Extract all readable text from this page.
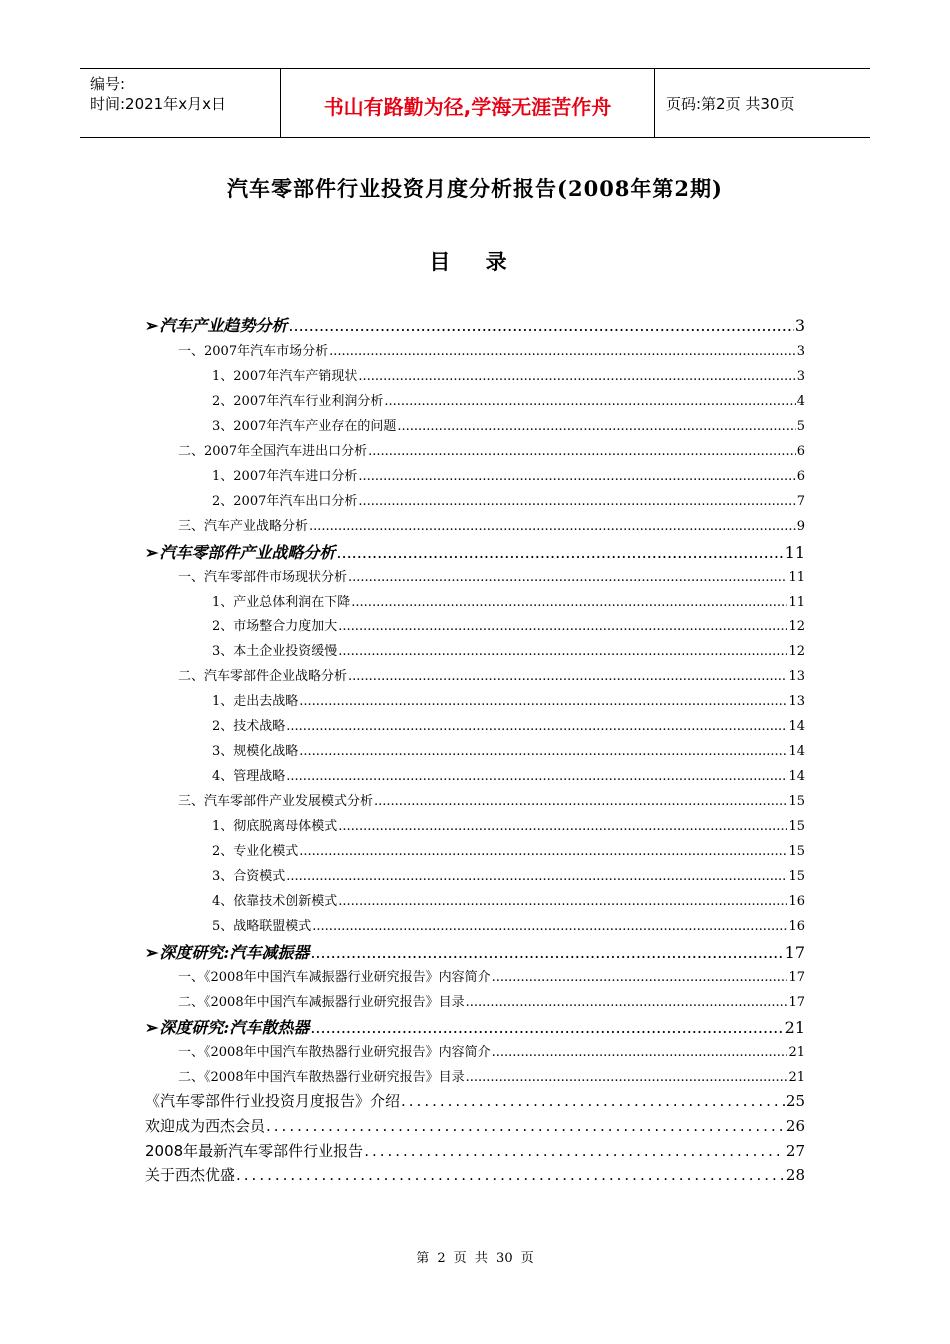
编号:
时间:2021年x月x日	书山有路勤为径,学海无涯苦作舟	页码:第2页 共30页
汽车零部件行业投资月度分析报告(2008年第2期)
目 录
➢汽车产业趋势分析 .....	3
一、2007年汽车市场分析 .....	3
1、2007年汽车产销现状 .....	3
2、2007年汽车行业利润分析 .....	4
3、2007年汽车产业存在的问题 .....	5
二、2007年全国汽车进出口分析 .....	6
1、2007年汽车进口分析 .....	6
2、2007年汽车出口分析 .....	7
三、汽车产业战略分析 .....	9
➢汽车零部件产业战略分析 .....	11
一、汽车零部件市场现状分析 .....	11
1、产业总体利润在下降 .....	11
2、市场整合力度加大 .....	12
3、本土企业投资缓慢 .....	12
二、汽车零部件企业战略分析 .....	13
1、走出去战略 .....	13
2、技术战略 .....	14
3、规模化战略 .....	14
4、管理战略 .....	14
三、汽车零部件产业发展模式分析 .....	15
1、彻底脱离母体模式 .....	15
2、专业化模式 .....	15
3、合资模式 .....	15
4、依靠技术创新模式 .....	16
5、战略联盟模式 .....	16
➢深度研究:汽车减振器 .....	17
一、《2008年中国汽车减振器行业研究报告》内容简介 .....	17
二、《2008年中国汽车减振器行业研究报告》目录 .....	17
➢深度研究:汽车散热器 .....	21
一、《2008年中国汽车散热器行业研究报告》内容简介 .....	21
二、《2008年中国汽车散热器行业研究报告》目录 .....	21
《汽车零部件行业投资月度报告》介绍 .....	25
欢迎成为西杰会员 .....	26
2008年最新汽车零部件行业报告 .....	27
关于西杰优盛 .....	28
第 2 页 共 30 页
